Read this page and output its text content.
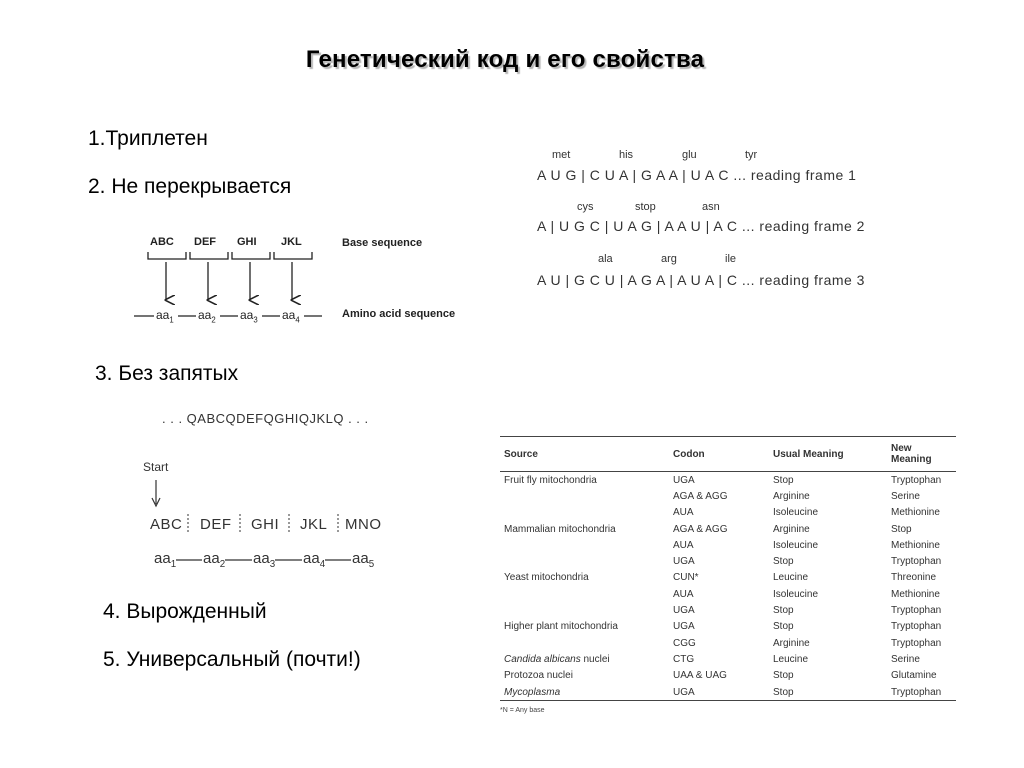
Генетический код и его свойства
1.Триплетен
2. Не перекрывается
3. Без запятых
4. Вырожденный
5. Универсальный (почти!)
ABC DEF GHI JKL	Base sequence
Amino acid sequence
$aa_1$ $aa_2$ $aa_3$ $aa_4$
met	his	glu	tyr
A U G | C U A | G A A | U A C ... reading frame 1
cys	stop	asn
A | U G C | U A G | A A U | A C ... reading frame 2
ala	arg	ile
A U | G C U | A G A | A U A | C ... reading frame 3
. . . QABCQDEFQGHIQJKLQ . . .
Start
ABC DEF GHI JKL MNO
$aa_1$ $aa_2$ $aa_3$ $aa_4$ $aa_5$
Source	Codon	Usual Meaning	New Meaning
Fruit fly mitochondria	UGA	Stop	Tryptophan
	AGA & AGG	Arginine	Serine
	AUA	Isoleucine	Methionine
Mammalian mitochondria	AGA & AGG	Arginine	Stop
	AUA	Isoleucine	Methionine
	UGA	Stop	Tryptophan
Yeast mitochondria	CUN*	Leucine	Threonine
	AUA	Isoleucine	Methionine
	UGA	Stop	Tryptophan
Higher plant mitochondria	UGA	Stop	Tryptophan
	CGG	Arginine	Tryptophan
Candida albicans nuclei	CTG	Leucine	Serine
Protozoa nuclei	UAA & UAG	Stop	Glutamine
Mycoplasma	UGA	Stop	Tryptophan
*N = Any base
